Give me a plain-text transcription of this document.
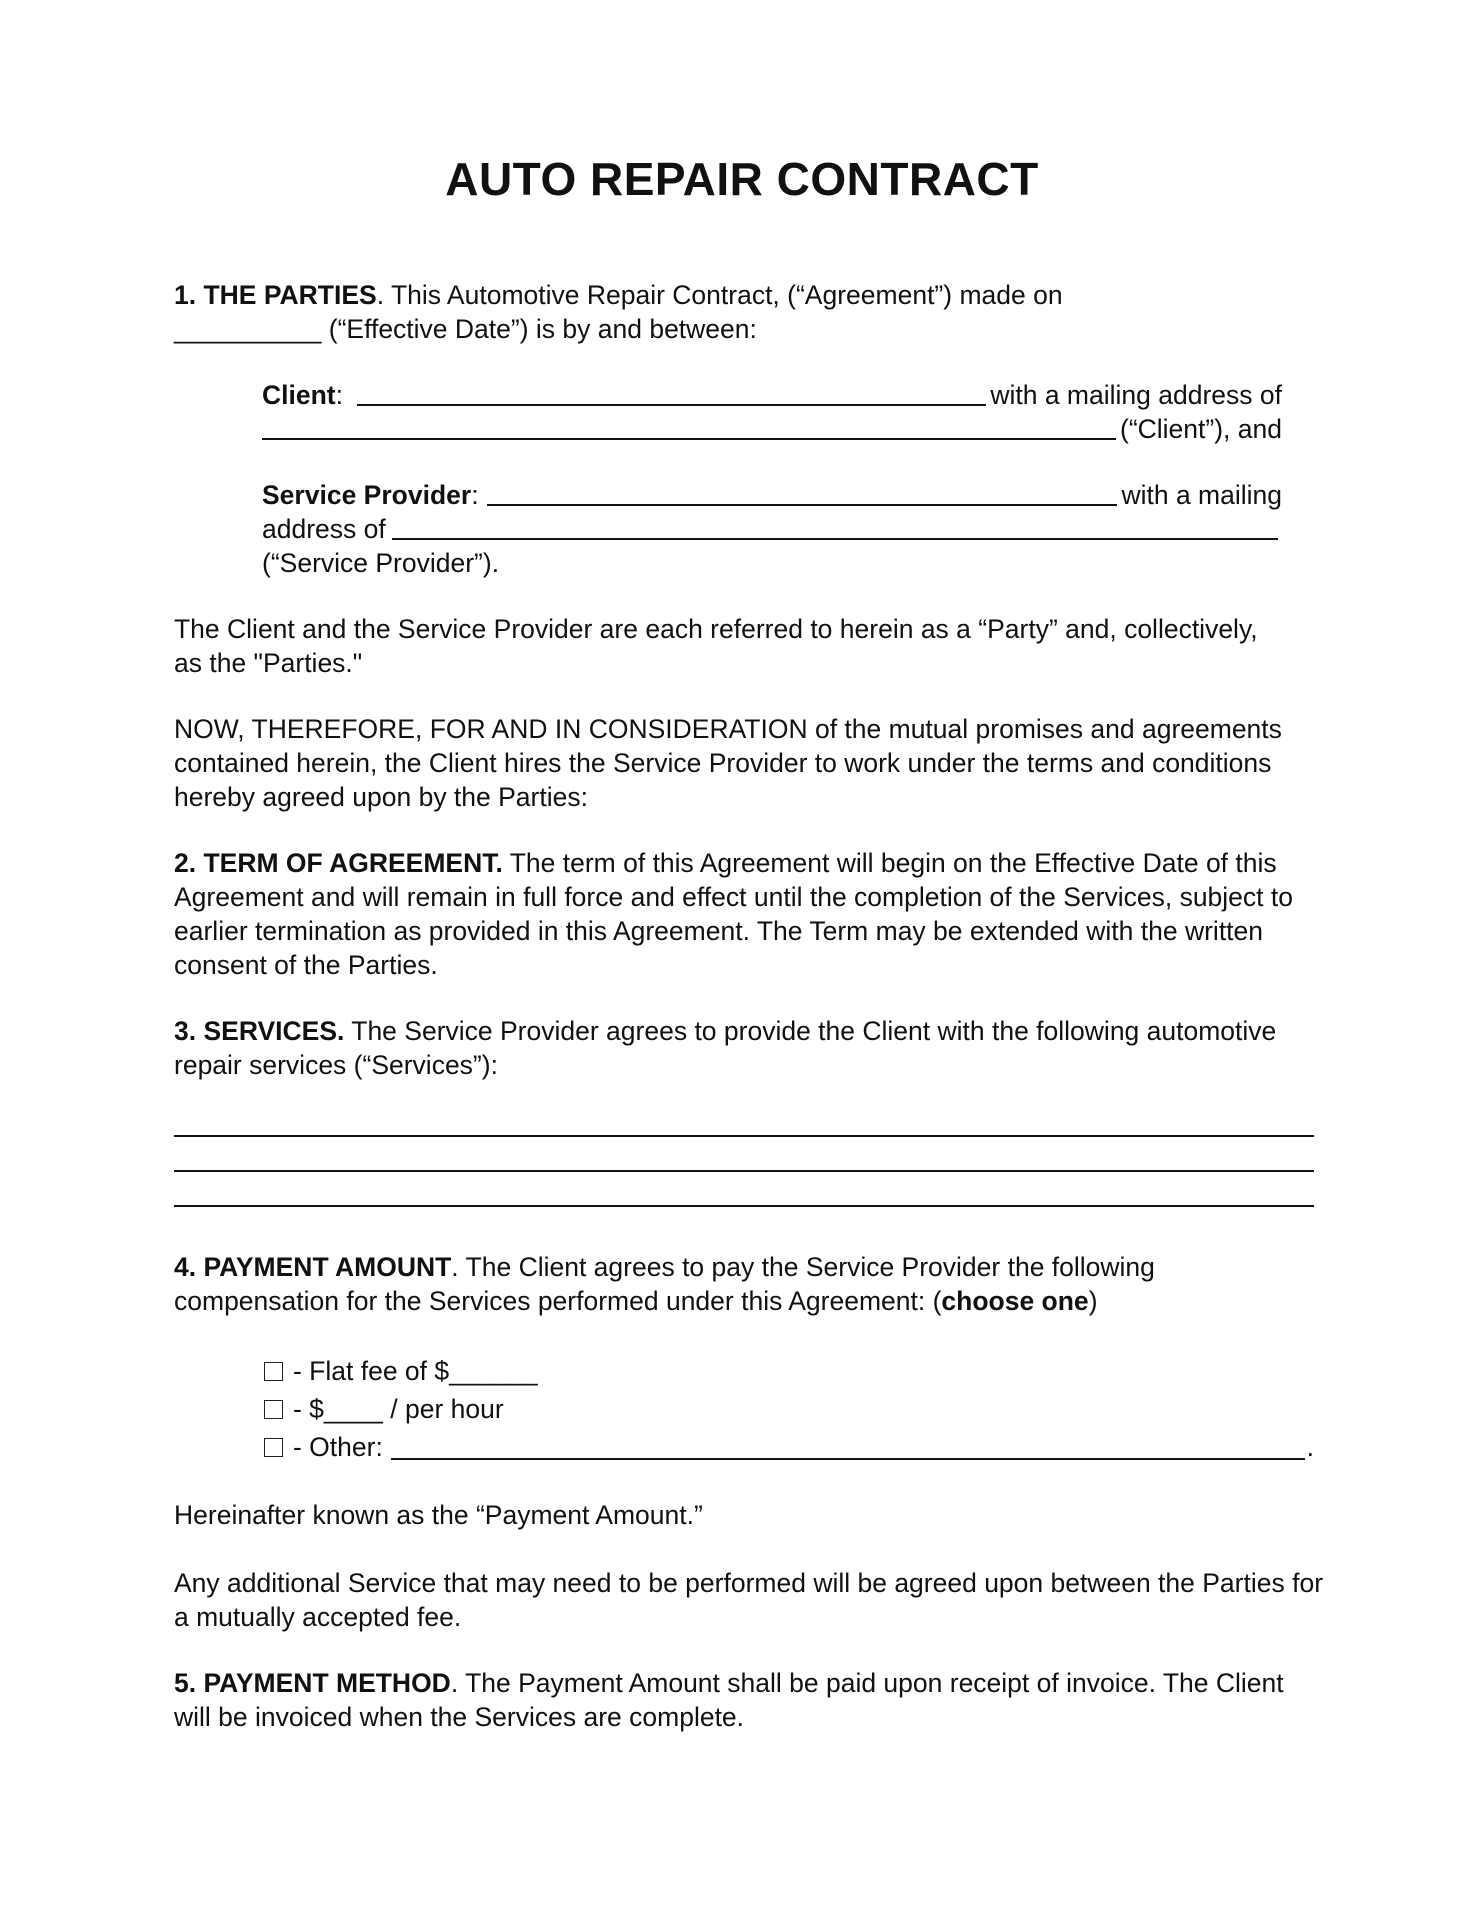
AUTO REPAIR CONTRACT

1. THE PARTIES. This Automotive Repair Contract, (“Agreement”) made on
__________ (“Effective Date”) is by and between:

Client :	with a mailing address of
(“Client”), and
Service Provider :	with a mailing
address of
(“Service Provider”).

The Client and the Service Provider are each referred to herein as a “Party” and, collectively, as the "Parties."

NOW, THEREFORE, FOR AND IN CONSIDERATION of the mutual promises and agreements contained herein, the Client hires the Service Provider to work under the terms and conditions hereby agreed upon by the Parties:

2. TERM OF AGREEMENT. The term of this Agreement will begin on the Effective Date of this Agreement and will remain in full force and effect until the completion of the Services, subject to earlier termination as provided in this Agreement. The Term may be extended with the written consent of the Parties.

3. SERVICES. The Service Provider agrees to provide the Client with the following automotive repair services (“Services”):

4. PAYMENT AMOUNT. The Client agrees to pay the Service Provider the following compensation for the Services performed under this Agreement: (choose one)

- Flat fee of $______
- $____ / per hour
- Other:	.

Hereinafter known as the “Payment Amount.”

Any additional Service that may need to be performed will be agreed upon between the Parties for a mutually accepted fee.

5. PAYMENT METHOD. The Payment Amount shall be paid upon receipt of invoice. The Client will be invoiced when the Services are complete.
